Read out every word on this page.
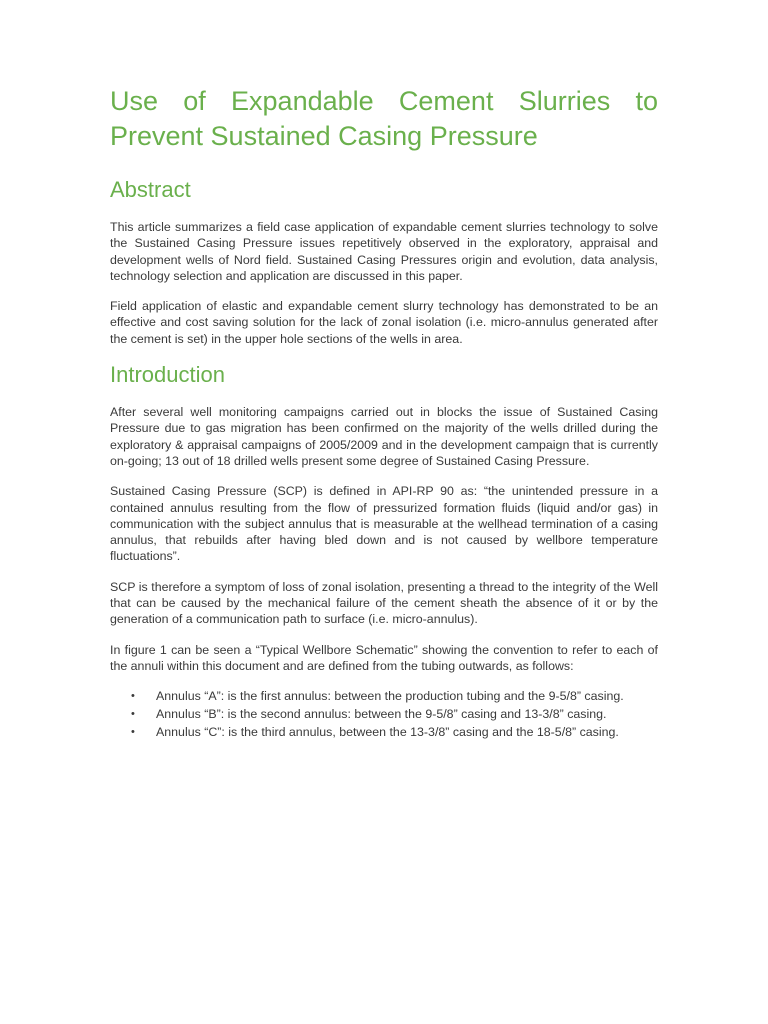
Use of Expandable Cement Slurries to Prevent Sustained Casing Pressure
Abstract

This article summarizes a field case application of expandable cement slurries technology to solve the Sustained Casing Pressure issues repetitively observed in the exploratory, appraisal and development wells of Nord field. Sustained Casing Pressures origin and evolution, data analysis, technology selection and application are discussed in this paper.

Field application of elastic and expandable cement slurry technology has demonstrated to be an effective and cost saving solution for the lack of zonal isolation (i.e. micro-annulus generated after the cement is set) in the upper hole sections of the wells in area.

Introduction

After several well monitoring campaigns carried out in blocks the issue of Sustained Casing Pressure due to gas migration has been confirmed on the majority of the wells drilled during the exploratory & appraisal campaigns of 2005/2009 and in the development campaign that is currently on-going; 13 out of 18 drilled wells present some degree of Sustained Casing Pressure.

Sustained Casing Pressure (SCP) is defined in API-RP 90 as: “the unintended pressure in a contained annulus resulting from the flow of pressurized formation fluids (liquid and/or gas) in communication with the subject annulus that is measurable at the wellhead termination of a casing annulus, that rebuilds after having bled down and is not caused by wellbore temperature fluctuations”.

SCP is therefore a symptom of loss of zonal isolation, presenting a thread to the integrity of the Well that can be caused by the mechanical failure of the cement sheath the absence of it or by the generation of a communication path to surface (i.e. micro-annulus).

In figure 1 can be seen a “Typical Wellbore Schematic” showing the convention to refer to each of the annuli within this document and are defined from the tubing outwards, as follows:

• Annulus “A”: is the first annulus: between the production tubing and the 9-5/8” casing.
• Annulus “B”: is the second annulus: between the 9-5/8” casing and 13-3/8” casing.
• Annulus “C”: is the third annulus, between the 13-3/8” casing and the 18-5/8” casing.
